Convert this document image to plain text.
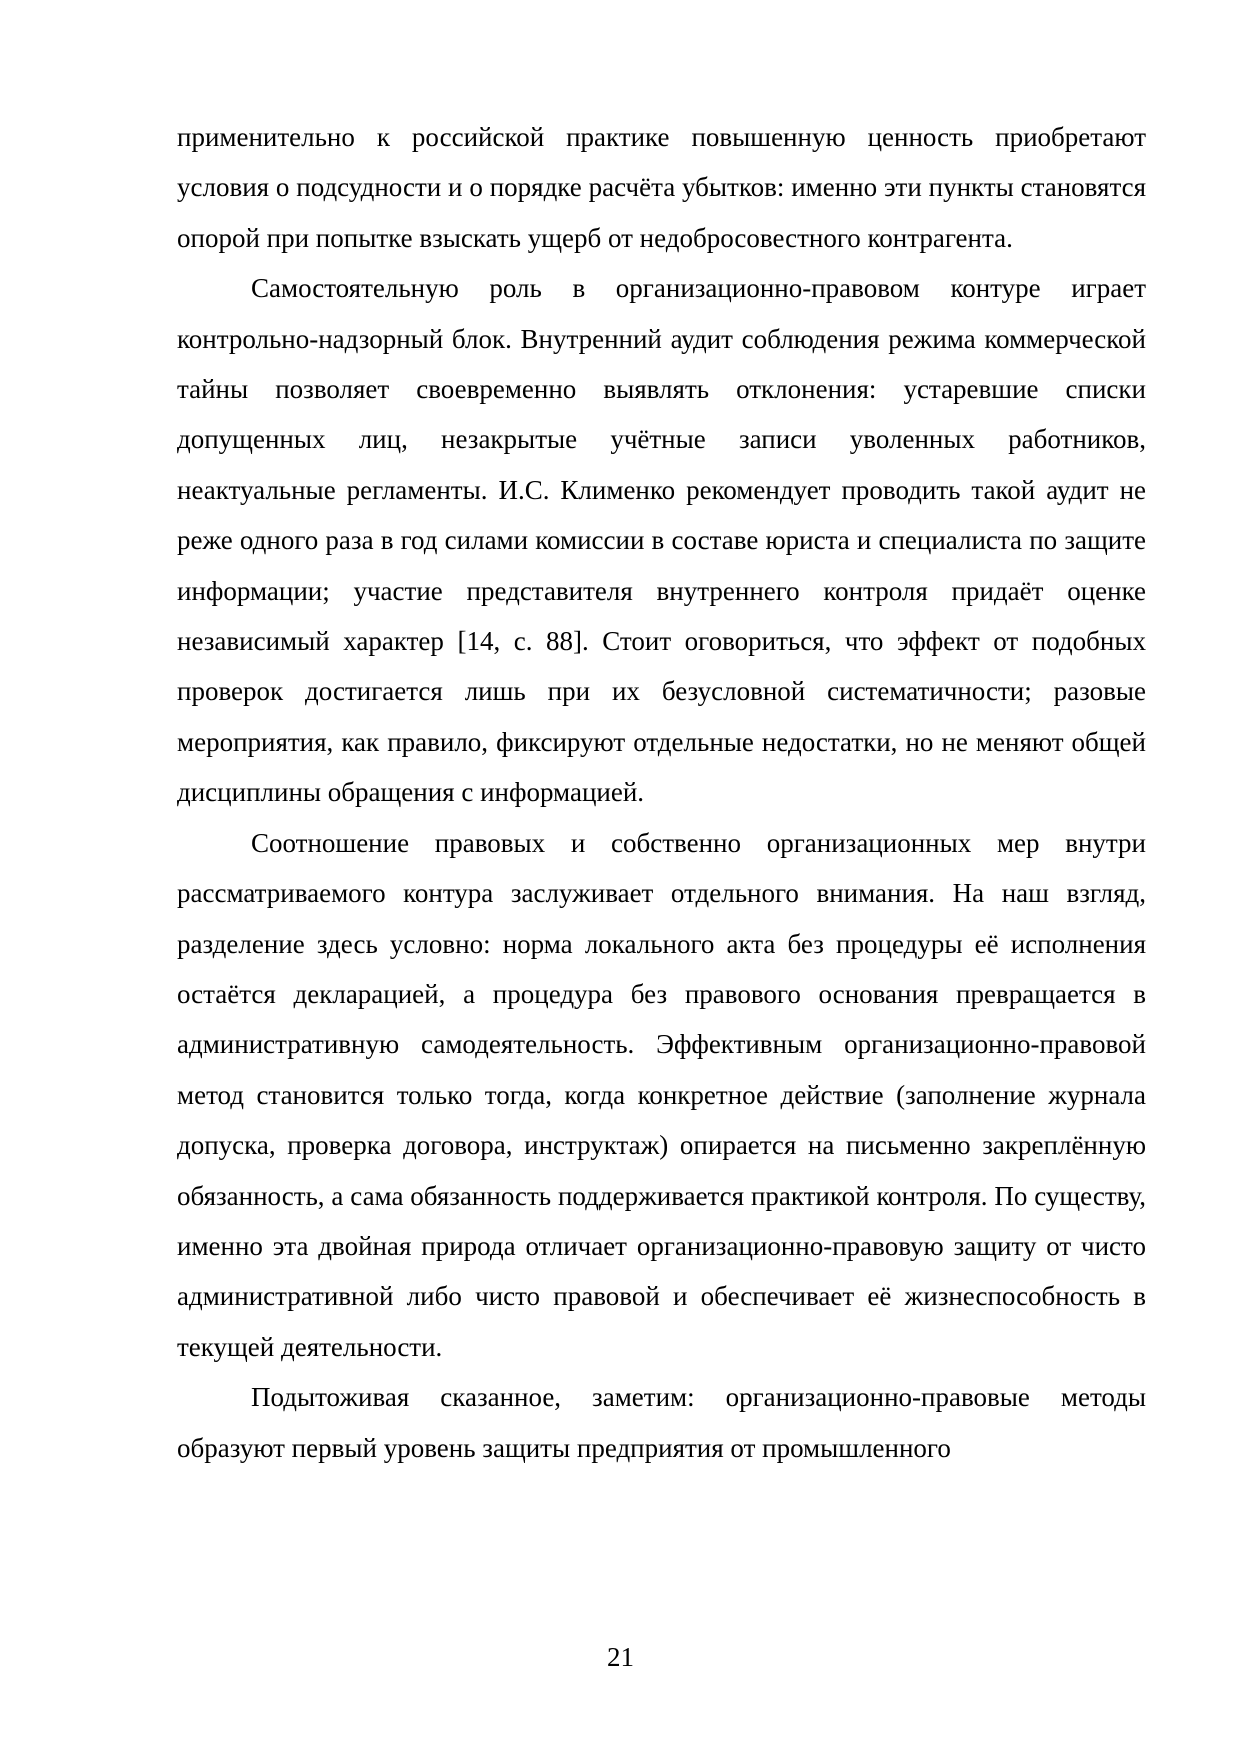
применительно к российской практике повышенную ценность приобретают условия о подсудности и о порядке расчёта убытков: именно эти пункты становятся опорой при попытке взыскать ущерб от недобросовестного контрагента.

Самостоятельную роль в организационно-правовом контуре играет контрольно-надзорный блок. Внутренний аудит соблюдения режима коммерческой тайны позволяет своевременно выявлять отклонения: устаревшие списки допущенных лиц, незакрытые учётные записи уволенных работников, неактуальные регламенты. И.С. Клименко рекомендует проводить такой аудит не реже одного раза в год силами комиссии в составе юриста и специалиста по защите информации; участие представителя внутреннего контроля придаёт оценке независимый характер [14, с. 88]. Стоит оговориться, что эффект от подобных проверок достигается лишь при их безусловной систематичности; разовые мероприятия, как правило, фиксируют отдельные недостатки, но не меняют общей дисциплины обращения с информацией.

Соотношение правовых и собственно организационных мер внутри рассматриваемого контура заслуживает отдельного внимания. На наш взгляд, разделение здесь условно: норма локального акта без процедуры её исполнения остаётся декларацией, а процедура без правового основания превращается в административную самодеятельность. Эффективным организационно-правовой метод становится только тогда, когда конкретное действие (заполнение журнала допуска, проверка договора, инструктаж) опирается на письменно закреплённую обязанность, а сама обязанность поддерживается практикой контроля. По существу, именно эта двойная природа отличает организационно-правовую защиту от чисто административной либо чисто правовой и обеспечивает её жизнеспособность в текущей деятельности.

Подытоживая сказанное, заметим: организационно-правовые методы образуют первый уровень защиты предприятия от промышленного

21
